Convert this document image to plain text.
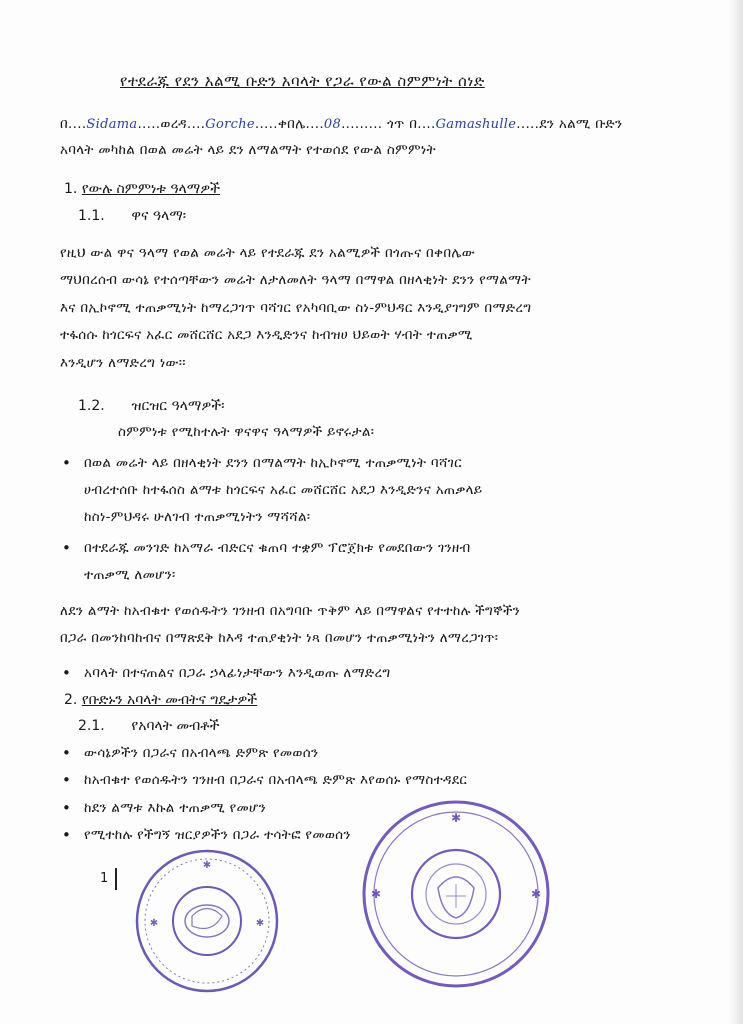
የተደራጁ የደን አልሚ ቡድን አባላት የጋራ የውል ስምምነት ሰነድ
በ....Sidama.....ወረዳ....Gorche.....ቀበሌ....08......... ጎጥ በ....Gamashulle.....ደን አልሚ ቡድን
አባላት መካከል በወል መሬት ላይ ደን ለማልማት የተወሰደ የውል ስምምነት
1. የውሉ ስምምነቱ ዓላማዎች
1.1. ዋና ዓላማ፡
የዚህ ውል ዋና ዓላማ የወል መሬት ላይ የተደራጁ ደን አልሚዎች በጎጡና በቀበሌው
ማህበረሰብ ውሳኔ የተሰጣቸውን መሬት ለታለመለት ዓላማ በማዋል በዘላቂነት ደንን የማልማት
እና በኢኮኖሚ ተጠቃሚነት ከማረጋገጥ ባሻገር የአካባቢው ስነ-ምህዳር እንዲያገግም በማድረግ
ተፋሰሱ ከጎርፍና አፈር መሸርሸር አደጋ እንዲድንና ከብዝሀ ህይወት ሃብት ተጠቃሚ
እንዲሆን ለማድረግ ነው፡፡
1.2. ዝርዝር ዓላማዎች፡
ስምምነቱ የሚከተሉት ዋናዋና ዓላማዎች ይኖሩታል፡
• በወል መሬት ላይ በዘላቂነት ደንን በማልማት ከኢኮኖሚ ተጠቃሚነት ባሻገር
ሀብረተሰቡ ከተፋሰስ ልማቱ ከጎርፍና አፈር መሸርሸር አደጋ እንዲድንና አጠቃላይ
ከስነ-ምህዳሩ ሁለገብ ተጠቃሚነትን ማሻሻል፡
• በተደራጁ መንገድ ከአማራ ብድርና ቁጠባ ተቋም ፕሮጀክቱ የመደበውን ገንዘብ
ተጠቃሚ ለመሆን፡
ለደን ልማት ከአብቁተ የወሰዱትን ገንዘብ በአግባቡ ጥቅም ላይ በማዋልና የተተከሉ ችግኞችን
በጋራ በመንከባከብና በማጽደቅ ከእዳ ተጠያቂነት ነጻ በመሆን ተጠቃሚነትን ለማረጋገጥ፡
• አባላት በተናጠልና በጋራ ኃላፊነታቸውን እንዲወጡ ለማድረግ
2. የቡድኑን አባላት መብትና ግዴታዎች
2.1. የአባላት መብቶች
• ውሳኔዎችን በጋራና በአብላጫ ድምጽ የመወሰን
• ከአብቁተ የወሰዱትን ገንዘብ በጋራና በአብላጫ ድምጽ እየወሰኑ የማስተዳደር
• ከደን ልማቱ እኩል ተጠቃሚ የመሆን
• የሚተከሉ የችግኝ ዝርያዎችን በጋራ ተሳትፎ የመወሰን
1
✱
✱	✱
✱
✱	✱
